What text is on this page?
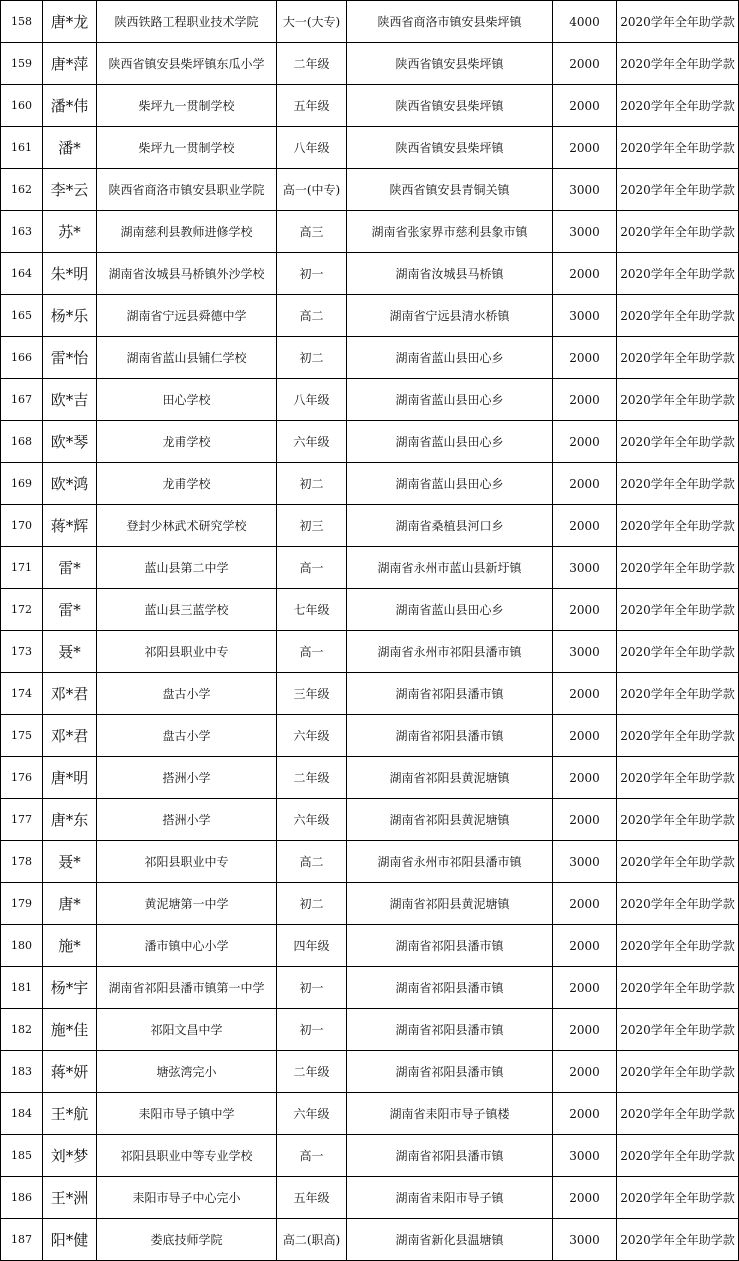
158	唐*龙	陕西铁路工程职业技术学院	大一(大专)	陕西省商洛市镇安县柴坪镇	4000	2020学年全年助学款
159	唐*萍	陕西省镇安县柴坪镇东瓜小学	二年级	陕西省镇安县柴坪镇	2000	2020学年全年助学款
160	潘*伟	柴坪九一贯制学校	五年级	陕西省镇安县柴坪镇	2000	2020学年全年助学款
161	潘*	柴坪九一贯制学校	八年级	陕西省镇安县柴坪镇	2000	2020学年全年助学款
162	李*云	陕西省商洛市镇安县职业学院	高一(中专)	陕西省镇安县青铜关镇	3000	2020学年全年助学款
163	苏*	湖南慈利县教师进修学校	高三	湖南省张家界市慈利县象市镇	3000	2020学年全年助学款
164	朱*明	湖南省汝城县马桥镇外沙学校	初一	湖南省汝城县马桥镇	2000	2020学年全年助学款
165	杨*乐	湖南省宁远县舜德中学	高二	湖南省宁远县清水桥镇	3000	2020学年全年助学款
166	雷*怡	湖南省蓝山县铺仁学校	初二	湖南省蓝山县田心乡	2000	2020学年全年助学款
167	欧*吉	田心学校	八年级	湖南省蓝山县田心乡	2000	2020学年全年助学款
168	欧*琴	龙甫学校	六年级	湖南省蓝山县田心乡	2000	2020学年全年助学款
169	欧*鸿	龙甫学校	初二	湖南省蓝山县田心乡	2000	2020学年全年助学款
170	蒋*辉	登封少林武术研究学校	初三	湖南省桑植县河口乡	2000	2020学年全年助学款
171	雷*	蓝山县第二中学	高一	湖南省永州市蓝山县新圩镇	3000	2020学年全年助学款
172	雷*	蓝山县三蓝学校	七年级	湖南省蓝山县田心乡	2000	2020学年全年助学款
173	聂*	祁阳县职业中专	高一	湖南省永州市祁阳县潘市镇	3000	2020学年全年助学款
174	邓*君	盘古小学	三年级	湖南省祁阳县潘市镇	2000	2020学年全年助学款
175	邓*君	盘古小学	六年级	湖南省祁阳县潘市镇	2000	2020学年全年助学款
176	唐*明	搭洲小学	二年级	湖南省祁阳县黄泥塘镇	2000	2020学年全年助学款
177	唐*东	搭洲小学	六年级	湖南省祁阳县黄泥塘镇	2000	2020学年全年助学款
178	聂*	祁阳县职业中专	高二	湖南省永州市祁阳县潘市镇	3000	2020学年全年助学款
179	唐*	黄泥塘第一中学	初二	湖南省祁阳县黄泥塘镇	2000	2020学年全年助学款
180	施*	潘市镇中心小学	四年级	湖南省祁阳县潘市镇	2000	2020学年全年助学款
181	杨*宇	湖南省祁阳县潘市镇第一中学	初一	湖南省祁阳县潘市镇	2000	2020学年全年助学款
182	施*佳	祁阳文昌中学	初一	湖南省祁阳县潘市镇	2000	2020学年全年助学款
183	蒋*妍	塘弦湾完小	二年级	湖南省祁阳县潘市镇	2000	2020学年全年助学款
184	王*航	耒阳市导子镇中学	六年级	湖南省耒阳市导子镇楼	2000	2020学年全年助学款
185	刘*梦	祁阳县职业中等专业学校	高一	湖南省祁阳县潘市镇	3000	2020学年全年助学款
186	王*洲	耒阳市导子中心完小	五年级	湖南省耒阳市导子镇	2000	2020学年全年助学款
187	阳*健	娄底技师学院	高二(职高)	湖南省新化县温塘镇	3000	2020学年全年助学款
